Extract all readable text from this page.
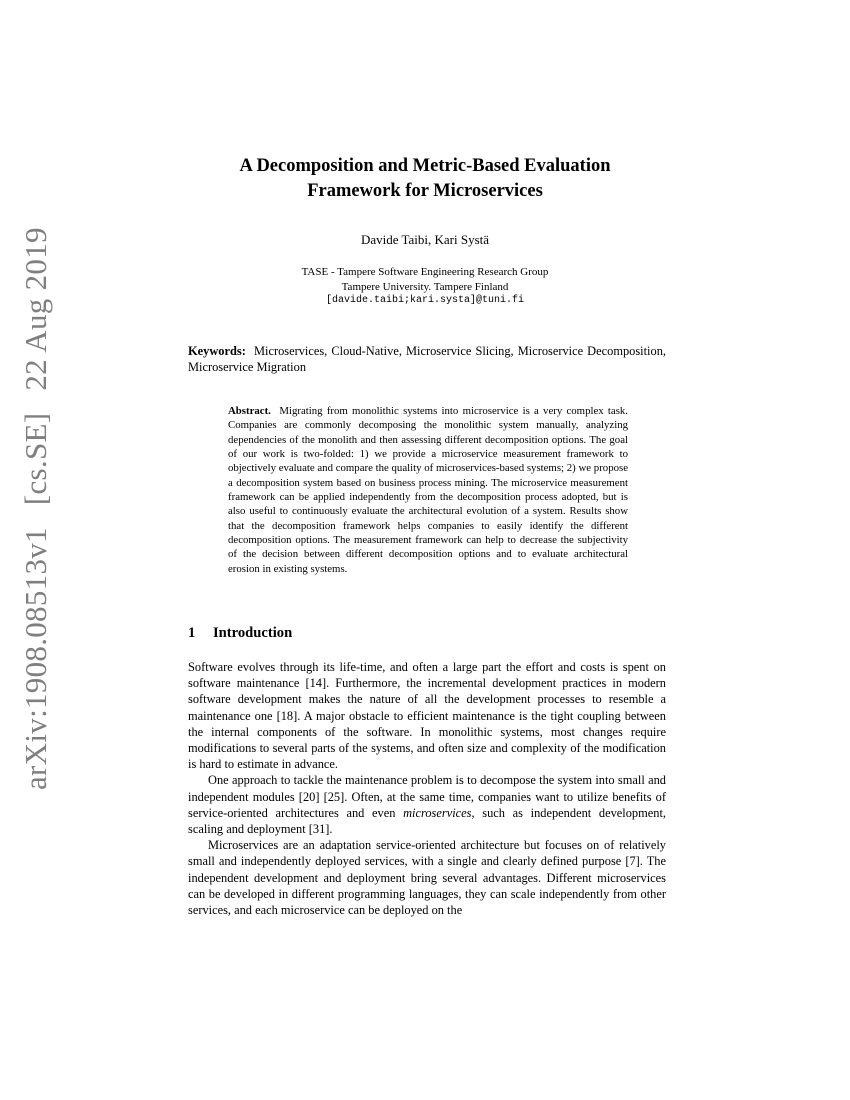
arXiv:1908.08513v1[cs.SE]22 Aug 2019
A Decomposition and Metric-Based Evaluation
Framework for Microservices
Davide Taibi, Kari Systä
TASE - Tampere Software Engineering Research Group
Tampere University. Tampere Finland
[davide.taibi;kari.systa]@tuni.fi
Keywords: Microservices, Cloud-Native, Microservice Slicing, Microservice Decomposition, Microservice Migration
Abstract. Migrating from monolithic systems into microservice is a very complex task. Companies are commonly decomposing the monolithic system manually, analyzing dependencies of the monolith and then assessing different decomposition options. The goal of our work is two-folded: 1) we provide a microservice measurement framework to objectively evaluate and compare the quality of microservices-based systems; 2) we propose a decomposition system based on business process mining. The microservice measurement framework can be applied independently from the decomposition process adopted, but is also useful to continuously evaluate the architectural evolution of a system. Results show that the decomposition framework helps companies to easily identify the different decomposition options. The measurement framework can help to decrease the subjectivity of the decision between different decomposition options and to evaluate architectural erosion in existing systems.
1 Introduction

Software evolves through its life-time, and often a large part the effort and costs is spent on software maintenance [14]. Furthermore, the incremental development practices in modern software development makes the nature of all the development processes to resemble a maintenance one [18]. A major obstacle to efficient maintenance is the tight coupling between the internal components of the software. In monolithic systems, most changes require modifications to several parts of the systems, and often size and complexity of the modification is hard to estimate in advance.

One approach to tackle the maintenance problem is to decompose the system into small and independent modules [20] [25]. Often, at the same time, companies want to utilize benefits of service-oriented architectures and even microservices, such as independent development, scaling and deployment [31].

Microservices are an adaptation service-oriented architecture but focuses on of relatively small and independently deployed services, with a single and clearly defined purpose [7]. The independent development and deployment bring several advantages. Different microservices can be developed in different programming languages, they can scale independently from other services, and each microservice can be deployed on the
